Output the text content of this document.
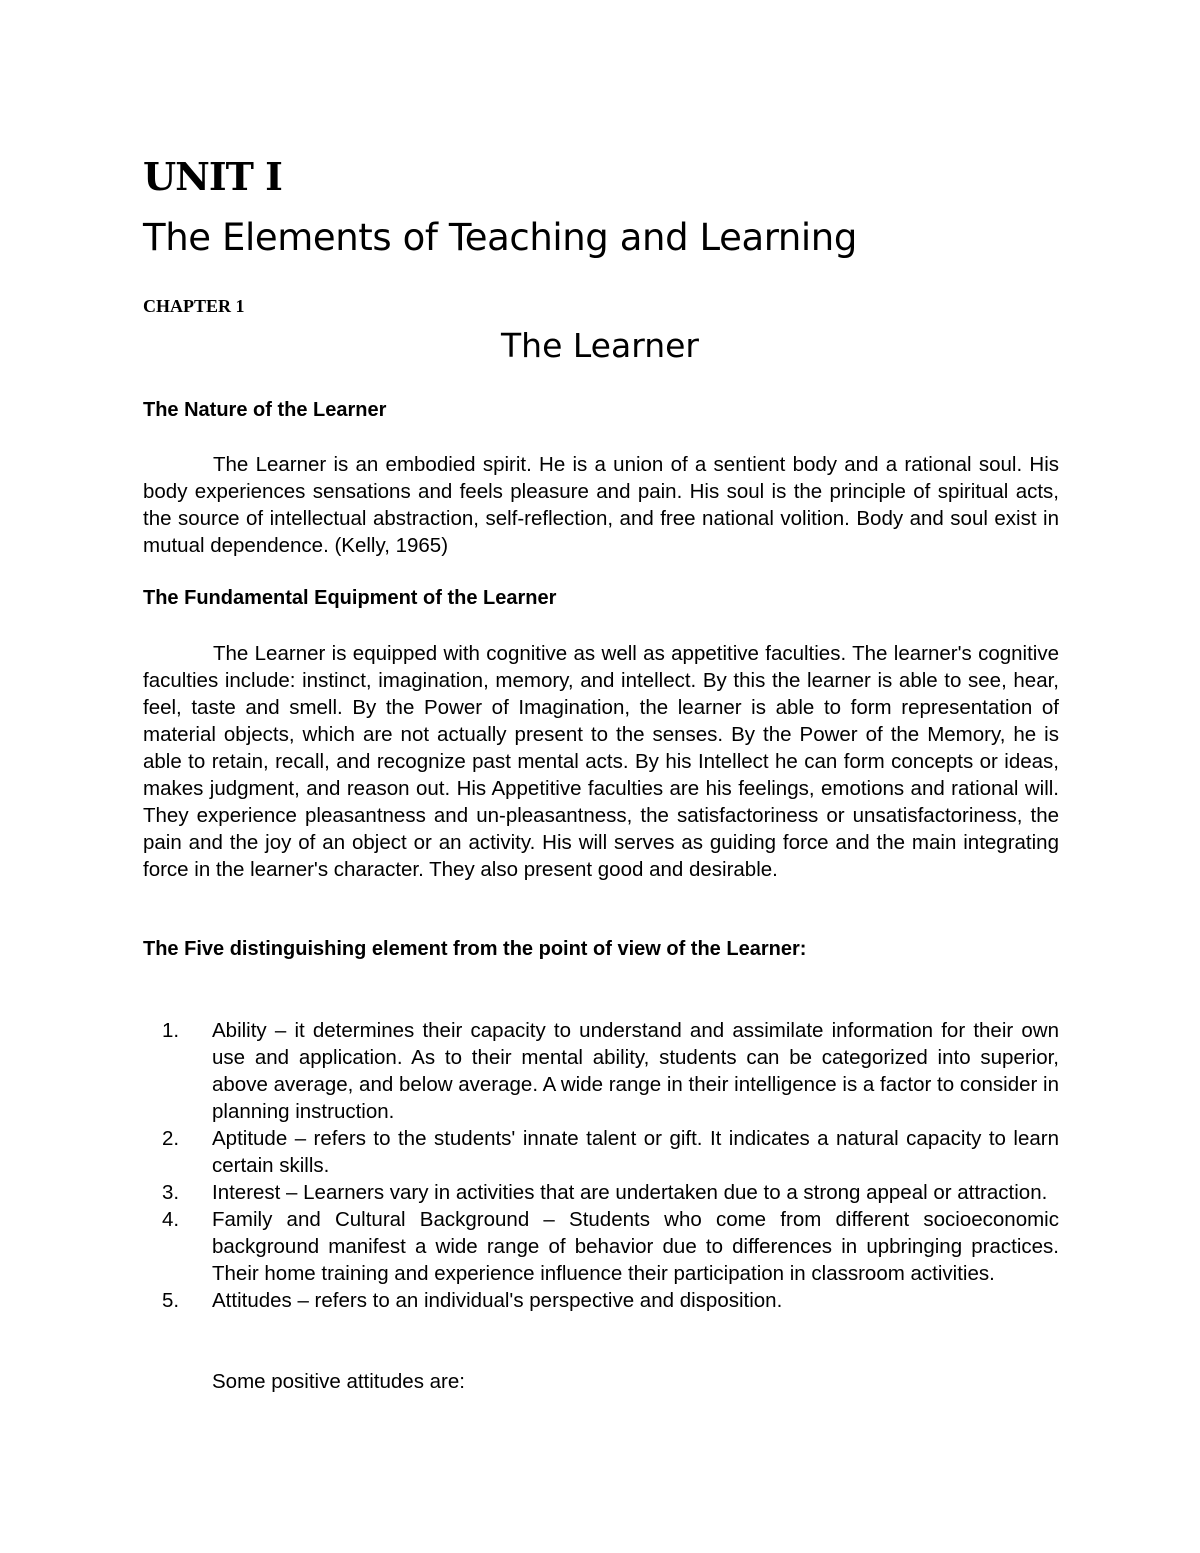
UNIT I
The Elements of Teaching and Learning
CHAPTER 1
The Learner
The Nature of the Learner

The Learner is an embodied spirit. He is a union of a sentient body and a rational soul. His body experiences sensations and feels pleasure and pain. His soul is the principle of spiritual acts, the source of intellectual abstraction, self-reflection, and free national volition. Body and soul exist in mutual dependence. (Kelly, 1965)

The Fundamental Equipment of the Learner

The Learner is equipped with cognitive as well as appetitive faculties. The learner's cognitive faculties include: instinct, imagination, memory, and intellect. By this the learner is able to see, hear, feel, taste and smell. By the Power of Imagination, the learner is able to form representation of material objects, which are not actually present to the senses. By the Power of the Memory, he is able to retain, recall, and recognize past mental acts. By his Intellect he can form concepts or ideas, makes judgment, and reason out. His Appetitive faculties are his feelings, emotions and rational will. They experience pleasantness and un-pleasantness, the satisfactoriness or unsatisfactoriness, the pain and the joy of an object or an activity. His will serves as guiding force and the main integrating force in the learner's character. They also present good and desirable.

The Five distinguishing element from the point of view of the Learner:
1.	Ability – it determines their capacity to understand and assimilate information for their own use and application. As to their mental ability, students can be categorized into superior, above average, and below average. A wide range in their intelligence is a factor to consider in planning instruction.
2.	Aptitude – refers to the students' innate talent or gift. It indicates a natural capacity to learn certain skills.
3.	Interest – Learners vary in activities that are undertaken due to a strong appeal or attraction.
4.	Family and Cultural Background – Students who come from different socioeconomic background manifest a wide range of behavior due to differences in upbringing practices. Their home training and experience influence their participation in classroom activities.
5.	Attitudes – refers to an individual's perspective and disposition.
Some positive attitudes are:
